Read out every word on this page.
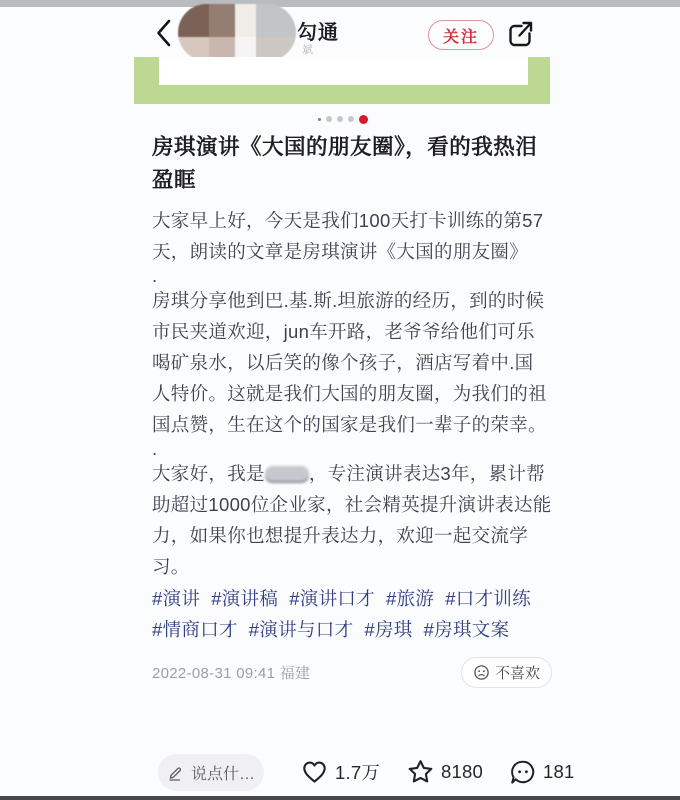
勾通
斌
关注
房琪演讲《大国的朋友圈》，看的我热泪盈眶
大家早上好，今天是我们100天打卡训练的第57天，朗读的文章是房琪演讲《大国的朋友圈》
.
房琪分享他到巴.基.斯.坦旅游的经历，到的时候市民夹道欢迎，jun车开路，老爷爷给他们可乐喝矿泉水，以后笑的像个孩子，酒店写着中.国人特价。这就是我们大国的朋友圈，为我们的祖国点赞，生在这个的国家是我们一辈子的荣幸。
.
大家好，我是 ，专注演讲表达3年，累计帮助超过1000位企业家，社会精英提升演讲表达能力，如果你也想提升表达力，欢迎一起交流学习。
#演讲 #演讲稿 #演讲口才 #旅游 #口才训练#情商口才 #演讲与口才 #房琪 #房琪文案
2022-08-31 09:41 福建	不喜欢
说点什…	1.7万	8180	181
